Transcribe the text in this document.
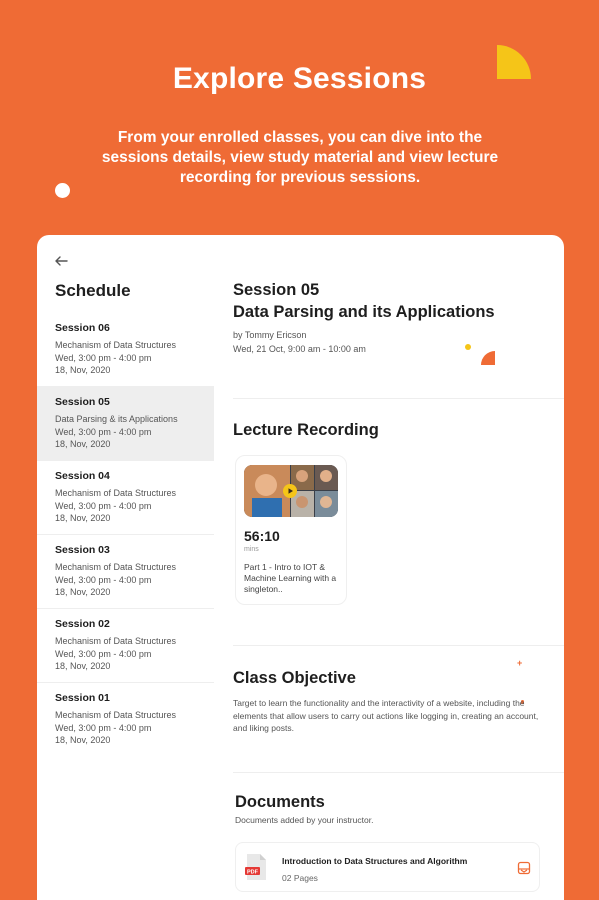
Explore Sessions

From your enrolled classes, you can dive into the sessions details, view study material and view lecture recording for previous sessions.

Schedule
Session 06
Mechanism of Data Structures
Wed, 3:00 pm - 4:00 pm
18, Nov, 2020
Session 05
Data Parsing & its Applications
Wed, 3:00 pm - 4:00 pm
18, Nov, 2020
Session 04
Mechanism of Data Structures
Wed, 3:00 pm - 4:00 pm
18, Nov, 2020
Session 03
Mechanism of Data Structures
Wed, 3:00 pm - 4:00 pm
18, Nov, 2020
Session 02
Mechanism of Data Structures
Wed, 3:00 pm - 4:00 pm
18, Nov, 2020
Session 01
Mechanism of Data Structures
Wed, 3:00 pm - 4:00 pm
18, Nov, 2020
Session 05
Data Parsing and its Applications
by Tommy Ericson
Wed, 21 Oct, 9:00 am - 10:00 am
Lecture Recording
56:10
mins
Part 1 - Intro to IOT & Machine Learning with a singleton..
Class Objective
+
Target to learn the functionality and the interactivity of a website, including the elements that allow users to carry out actions like logging in, creating an account, and liking posts.
Documents
Documents added by your instructor.
PDF
Introduction to Data Structures and Algorithm
02 Pages
